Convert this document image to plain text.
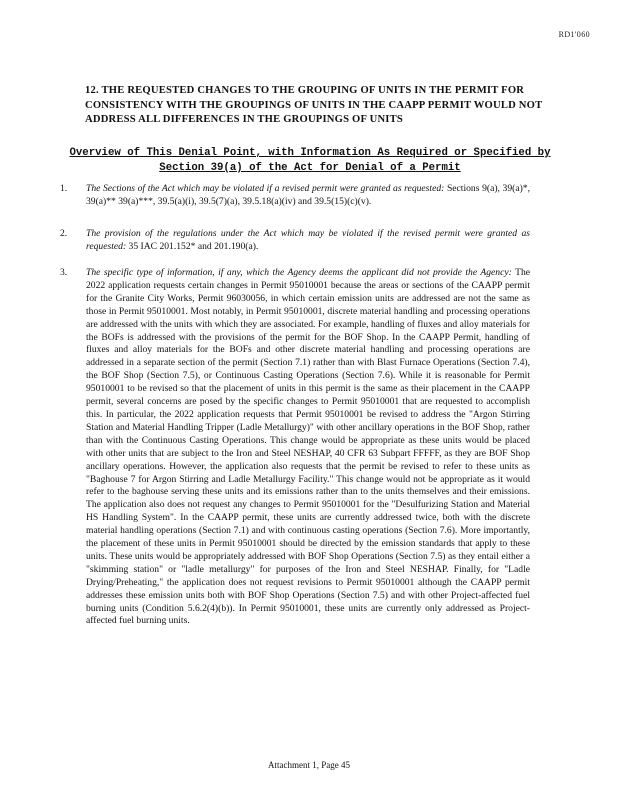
RD1'060
12. THE REQUESTED CHANGES TO THE GROUPING OF UNITS IN THE PERMIT FOR CONSISTENCY WITH THE GROUPINGS OF UNITS IN THE CAAPP PERMIT WOULD NOT ADDRESS ALL DIFFERENCES IN THE GROUPINGS OF UNITS
Overview of This Denial Point, with Information As Required or Specified by Section 39(a) of the Act for Denial of a Permit
1. The Sections of the Act which may be violated if a revised permit were granted as requested: Sections 9(a), 39(a)*, 39(a)** 39(a)***, 39.5(a)(i), 39.5(7)(a), 39.5.18(a)(iv) and 39.5(15)(c)(v).
2. The provision of the regulations under the Act which may be violated if the revised permit were granted as requested: 35 IAC 201.152* and 201.190(a).
3. The specific type of information, if any, which the Agency deems the applicant did not provide the Agency: The 2022 application requests certain changes in Permit 95010001 because the areas or sections of the CAAPP permit for the Granite City Works, Permit 96030056, in which certain emission units are addressed are not the same as those in Permit 95010001. Most notably, in Permit 95010001, discrete material handling and processing operations are addressed with the units with which they are associated. For example, handling of fluxes and alloy materials for the BOFs is addressed with the provisions of the permit for the BOF Shop. In the CAAPP Permit, handling of fluxes and alloy materials for the BOFs and other discrete material handling and processing operations are addressed in a separate section of the permit (Section 7.1) rather than with Blast Furnace Operations (Section 7.4), the BOF Shop (Section 7.5), or Continuous Casting Operations (Section 7.6). While it is reasonable for Permit 95010001 to be revised so that the placement of units in this permit is the same as their placement in the CAAPP permit, several concerns are posed by the specific changes to Permit 95010001 that are requested to accomplish this. In particular, the 2022 application requests that Permit 95010001 be revised to address the "Argon Stirring Station and Material Handling Tripper (Ladle Metallurgy)" with other ancillary operations in the BOF Shop, rather than with the Continuous Casting Operations. This change would be appropriate as these units would be placed with other units that are subject to the Iron and Steel NESHAP, 40 CFR 63 Subpart FFFFF, as they are BOF Shop ancillary operations. However, the application also requests that the permit be revised to refer to these units as "Baghouse 7 for Argon Stirring and Ladle Metallurgy Facility." This change would not be appropriate as it would refer to the baghouse serving these units and its emissions rather than to the units themselves and their emissions. The application also does not request any changes to Permit 95010001 for the "Desulfurizing Station and Material HS Handling System". In the CAAPP permit, these units are currently addressed twice, both with the discrete material handling operations (Section 7.1) and with continuous casting operations (Section 7.6). More importantly, the placement of these units in Permit 95010001 should be directed by the emission standards that apply to these units. These units would be appropriately addressed with BOF Shop Operations (Section 7.5) as they entail either a "skimming station" or "ladle metallurgy" for purposes of the Iron and Steel NESHAP. Finally, for "Ladle Drying/Preheating," the application does not request revisions to Permit 95010001 although the CAAPP permit addresses these emission units both with BOF Shop Operations (Section 7.5) and with other Project-affected fuel burning units (Condition 5.6.2(4)(b)). In Permit 95010001, these units are currently only addressed as Project-affected fuel burning units.
Attachment 1, Page 45
